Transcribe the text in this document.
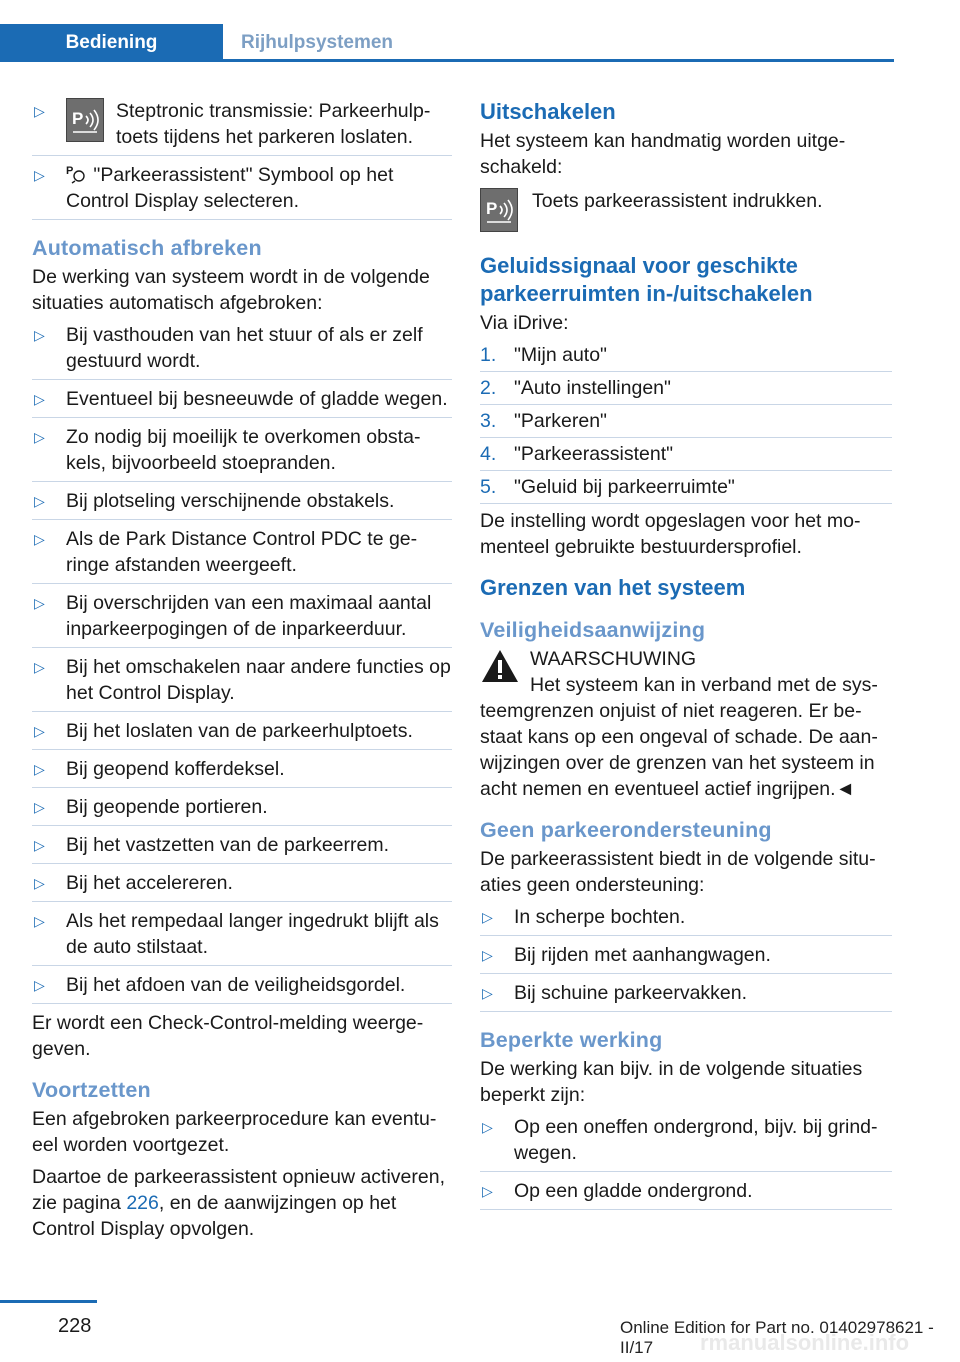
Bediening	Rijhulpsystemen
▷ P	Steptronic transmissie: Parkeerhulptoets tijdens het parkeren loslaten.
▷ P "Parkeerassistent" Symbool op het Control Display selecteren.
Automatisch afbreken

De werking van systeem wordt in de volgende situaties automatisch afgebroken:

▷ Bij vasthouden van het stuur of als er zelf gestuurd wordt.
▷ Eventueel bij besneeuwde of gladde wegen.
▷ Zo nodig bij moeilijk te overkomen obstakels, bijvoorbeeld stoepranden.
▷ Bij plotseling verschijnende obstakels.
▷ Als de Park Distance Control PDC te geringe afstanden weergeeft.
▷ Bij overschrijden van een maximaal aantal inparkeerpogingen of de inparkeerduur.
▷ Bij het omschakelen naar andere functies op het Control Display.
▷ Bij het loslaten van de parkeerhulptoets.
▷ Bij geopend kofferdeksel.
▷ Bij geopende portieren.
▷ Bij het vastzetten van de parkeerrem.
▷ Bij het accelereren.
▷ Als het rempedaal langer ingedrukt blijft als de auto stilstaat.
▷ Bij het afdoen van de veiligheidsgordel.

Er wordt een Check-Control-melding weergegeven.

Voortzetten

Een afgebroken parkeerprocedure kan eventueel worden voortgezet.

Daartoe de parkeerassistent opnieuw activeren, zie pagina 226, en de aanwijzingen op het Control Display opvolgen.

Uitschakelen

Het systeem kan handmatig worden uitgeschakeld:

P	Toets parkeerassistent indrukken.
Geluidssignaal voor geschikte parkeerruimten in-/uitschakelen

Via iDrive:

1. "Mijn auto"
2. "Auto instellingen"
3. "Parkeren"
4. "Parkeerassistent"
5. "Geluid bij parkeerruimte"

De instelling wordt opgeslagen voor het momenteel gebruikte bestuurdersprofiel.

Grenzen van het systeem
Veiligheidsaanwijzing
WAARSCHUWING

Het systeem kan in verband met de systeemgrenzen onjuist of niet reageren. Er bestaat kans op een ongeval of schade. De aanwijzingen over de grenzen van het systeem in acht nemen en eventueel actief ingrijpen.◄

Geen parkeerondersteuning

De parkeerassistent biedt in de volgende situaties geen ondersteuning:

▷ In scherpe bochten.
▷ Bij rijden met aanhangwagen.
▷ Bij schuine parkeervakken.
Beperkte werking

De werking kan bijv. in de volgende situaties beperkt zijn:

▷ Op een oneffen ondergrond, bijv. bij grindwegen.
▷ Op een gladde ondergrond.
228
rmanualsonline.info
Online Edition for Part no. 01402978621 - II/17
